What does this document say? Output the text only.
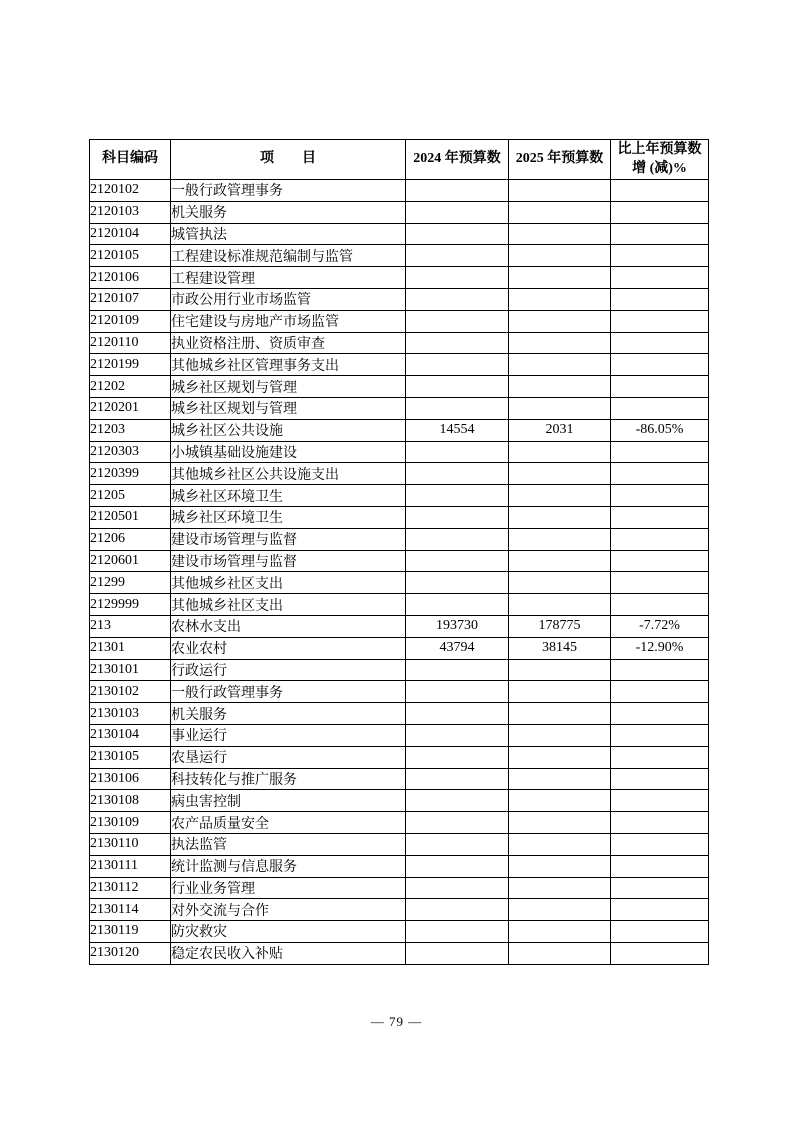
科目编码	项　　目	2024 年预算数	2025 年预算数	比上年预算数
增 (减)%
2120102	一般行政管理事务			
2120103	机关服务			
2120104	城管执法			
2120105	工程建设标准规范编制与监管			
2120106	工程建设管理			
2120107	市政公用行业市场监管			
2120109	住宅建设与房地产市场监管			
2120110	执业资格注册、资质审查			
2120199	其他城乡社区管理事务支出			
21202	城乡社区规划与管理			
2120201	城乡社区规划与管理			
21203	城乡社区公共设施	14554	2031	-86.05%
2120303	小城镇基础设施建设			
2120399	其他城乡社区公共设施支出			
21205	城乡社区环境卫生			
2120501	城乡社区环境卫生			
21206	建设市场管理与监督			
2120601	建设市场管理与监督			
21299	其他城乡社区支出			
2129999	其他城乡社区支出			
213	农林水支出	193730	178775	-7.72%
21301	农业农村	43794	38145	-12.90%
2130101	行政运行			
2130102	一般行政管理事务			
2130103	机关服务			
2130104	事业运行			
2130105	农垦运行			
2130106	科技转化与推广服务			
2130108	病虫害控制			
2130109	农产品质量安全			
2130110	执法监管			
2130111	统计监测与信息服务			
2130112	行业业务管理			
2130114	对外交流与合作			
2130119	防灾救灾			
2130120	稳定农民收入补贴			
— 79 —
